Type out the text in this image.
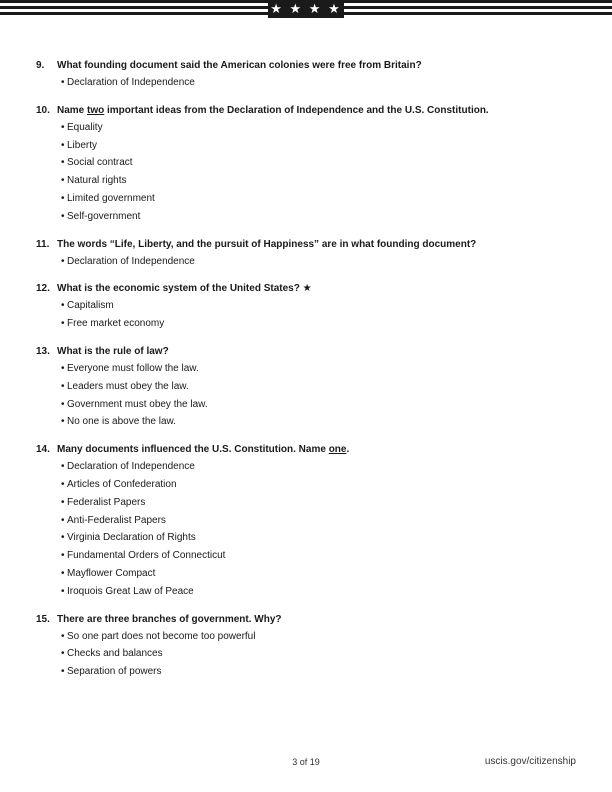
★ ★ ★ ★
9.	What founding document said the American colonies were free from Britain?
• Declaration of Independence
10. Name two important ideas from the Declaration of Independence and the U.S. Constitution.
• Equality
• Liberty
• Social contract
• Natural rights
• Limited government
• Self-government
11. The words “Life, Liberty, and the pursuit of Happiness” are in what founding document?
• Declaration of Independence
12. What is the economic system of the United States? ★
• Capitalism
• Free market economy
13. What is the rule of law?
• Everyone must follow the law.
• Leaders must obey the law.
• Government must obey the law.
• No one is above the law.
14. Many documents influenced the U.S. Constitution. Name one.
• Declaration of Independence
• Articles of Confederation
• Federalist Papers
• Anti-Federalist Papers
• Virginia Declaration of Rights
• Fundamental Orders of Connecticut
• Mayflower Compact
• Iroquois Great Law of Peace
15. There are three branches of government. Why?
• So one part does not become too powerful
• Checks and balances
• Separation of powers
3 of 19	uscis.gov/citizenship
